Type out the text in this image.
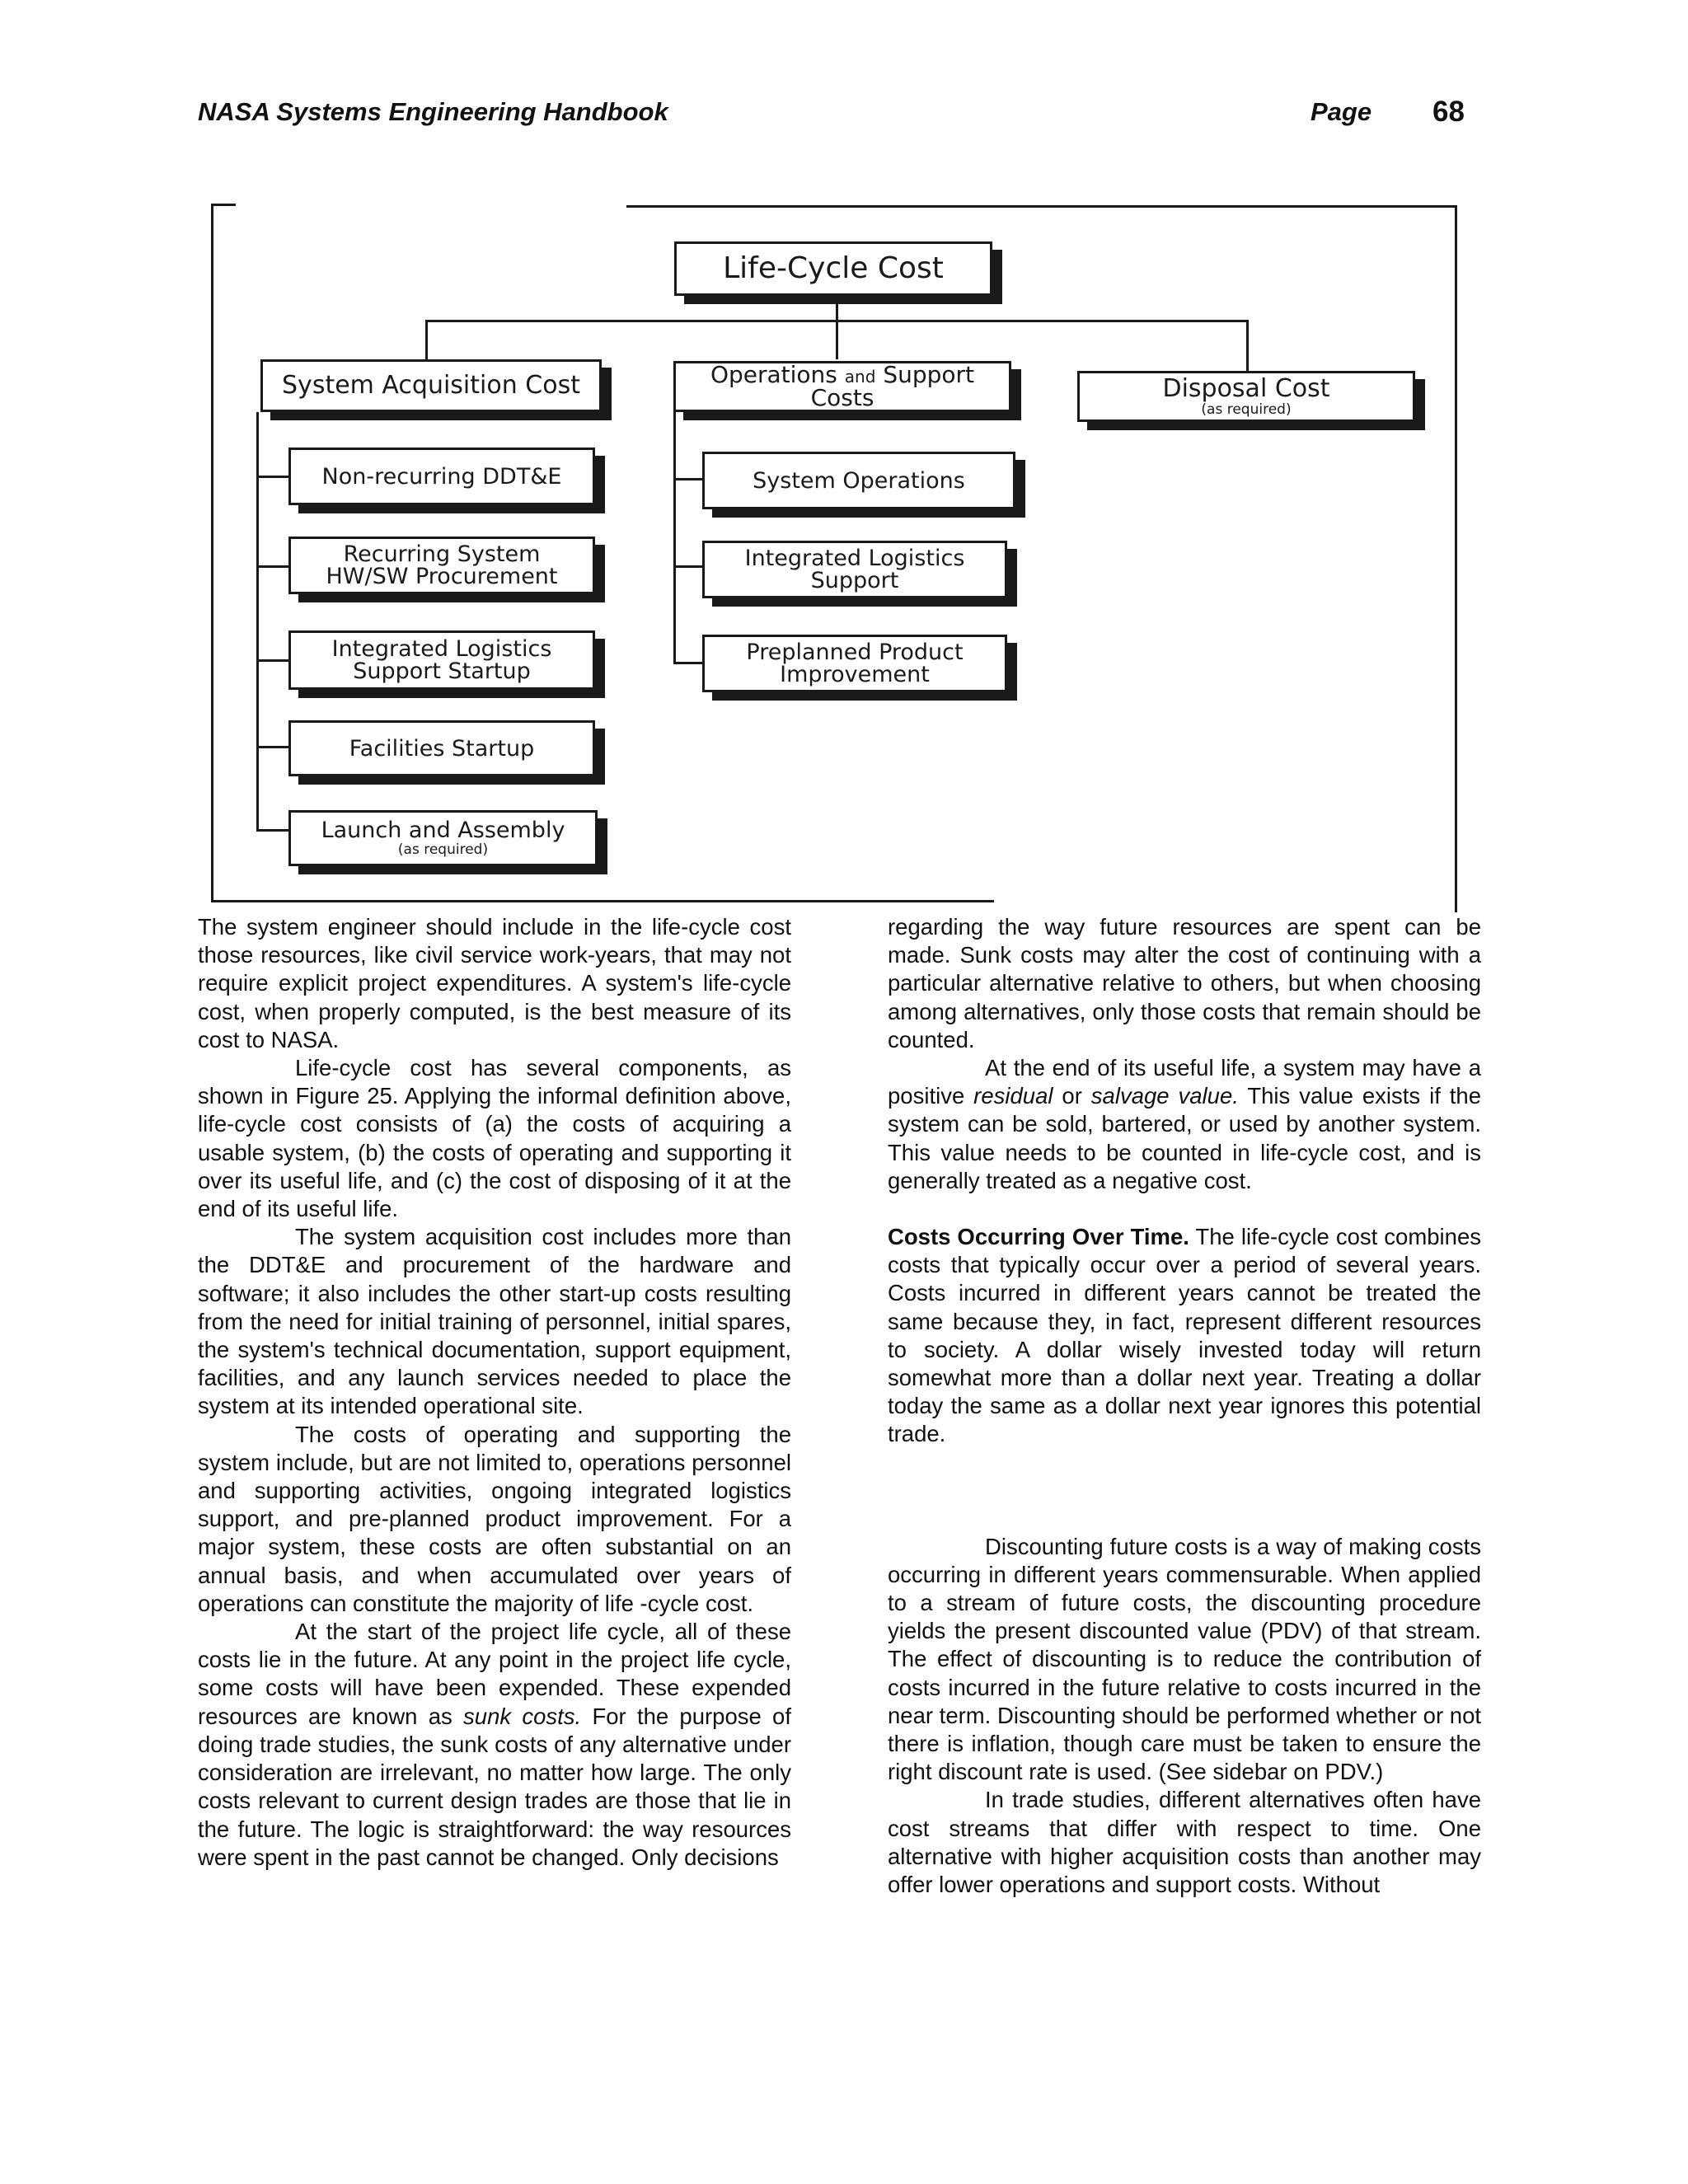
NASA Systems Engineering Handbook	Page 68
Life-Cycle Cost
System Acquisition Cost	Operations and Support Costs	Disposal Cost
(as required)
Non-recurring DDT&E
Recurring System
HW/SW Procurement
Integrated Logistics
Support Startup
Facilities Startup
Launch and Assembly
(as required)
System Operations
Integrated Logistics
Support
Preplanned Product
Improvement

The system engineer should include in the life-cycle cost those resources, like civil service work-years, that may not require explicit project expenditures. A system's life-cycle cost, when properly computed, is the best measure of its cost to NASA.

Life-cycle cost has several components, as shown in Figure 25. Applying the informal definition above, life-cycle cost consists of (a) the costs of acquiring a usable system, (b) the costs of operating and supporting it over its useful life, and (c) the cost of disposing of it at the end of its useful life.

The system acquisition cost includes more than the DDT&E and procurement of the hardware and software; it also includes the other start-up costs resulting from the need for initial training of personnel, initial spares, the system's technical documentation, support equipment, facilities, and any launch services needed to place the system at its intended operational site.

The costs of operating and supporting the system include, but are not limited to, operations personnel and supporting activities, ongoing integrated logistics support, and pre-planned product improvement. For a major system, these costs are often substantial on an annual basis, and when accumulated over years of operations can constitute the majority of life -cycle cost.

At the start of the project life cycle, all of these costs lie in the future. At any point in the project life cycle, some costs will have been expended. These expended resources are known as sunk costs. For the purpose of doing trade studies, the sunk costs of any alternative under consideration are irrelevant, no matter how large. The only costs relevant to current design trades are those that lie in the future. The logic is straightforward: the way resources were spent in the past cannot be changed. Only decisions

regarding the way future resources are spent can be made. Sunk costs may alter the cost of continuing with a particular alternative relative to others, but when choosing among alternatives, only those costs that remain should be counted.

At the end of its useful life, a system may have a positive residual or salvage value. This value exists if the system can be sold, bartered, or used by another system. This value needs to be counted in life-cycle cost, and is generally treated as a negative cost.

Costs Occurring Over Time. The life-cycle cost combines costs that typically occur over a period of several years. Costs incurred in different years cannot be treated the same because they, in fact, represent different resources to society. A dollar wisely invested today will return somewhat more than a dollar next year. Treating a dollar today the same as a dollar next year ignores this potential trade.

Discounting future costs is a way of making costs occurring in different years commensurable. When applied to a stream of future costs, the discounting procedure yields the present discounted value (PDV) of that stream. The effect of discounting is to reduce the contribution of costs incurred in the future relative to costs incurred in the near term. Discounting should be performed whether or not there is inflation, though care must be taken to ensure the right discount rate is used. (See sidebar on PDV.)

In trade studies, different alternatives often have cost streams that differ with respect to time. One alternative with higher acquisition costs than another may offer lower operations and support costs. Without
